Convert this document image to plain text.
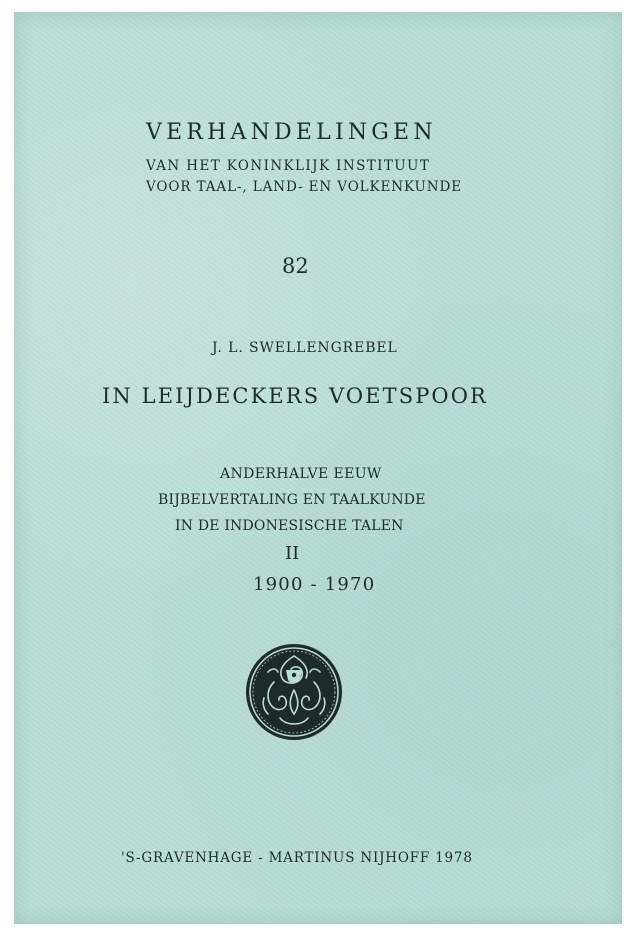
VERHANDELINGEN
VAN HET KONINKLIJK INSTITUUT
VOOR TAAL-, LAND- EN VOLKENKUNDE
82
J. L. SWELLENGREBEL
IN LEIJDECKERS VOETSPOOR
ANDERHALVE EEUW
BIJBELVERTALING EN TAALKUNDE
IN DE INDONESISCHE TALEN
II
1900 - 1970
'S-GRAVENHAGE - MARTINUS NIJHOFF 1978
